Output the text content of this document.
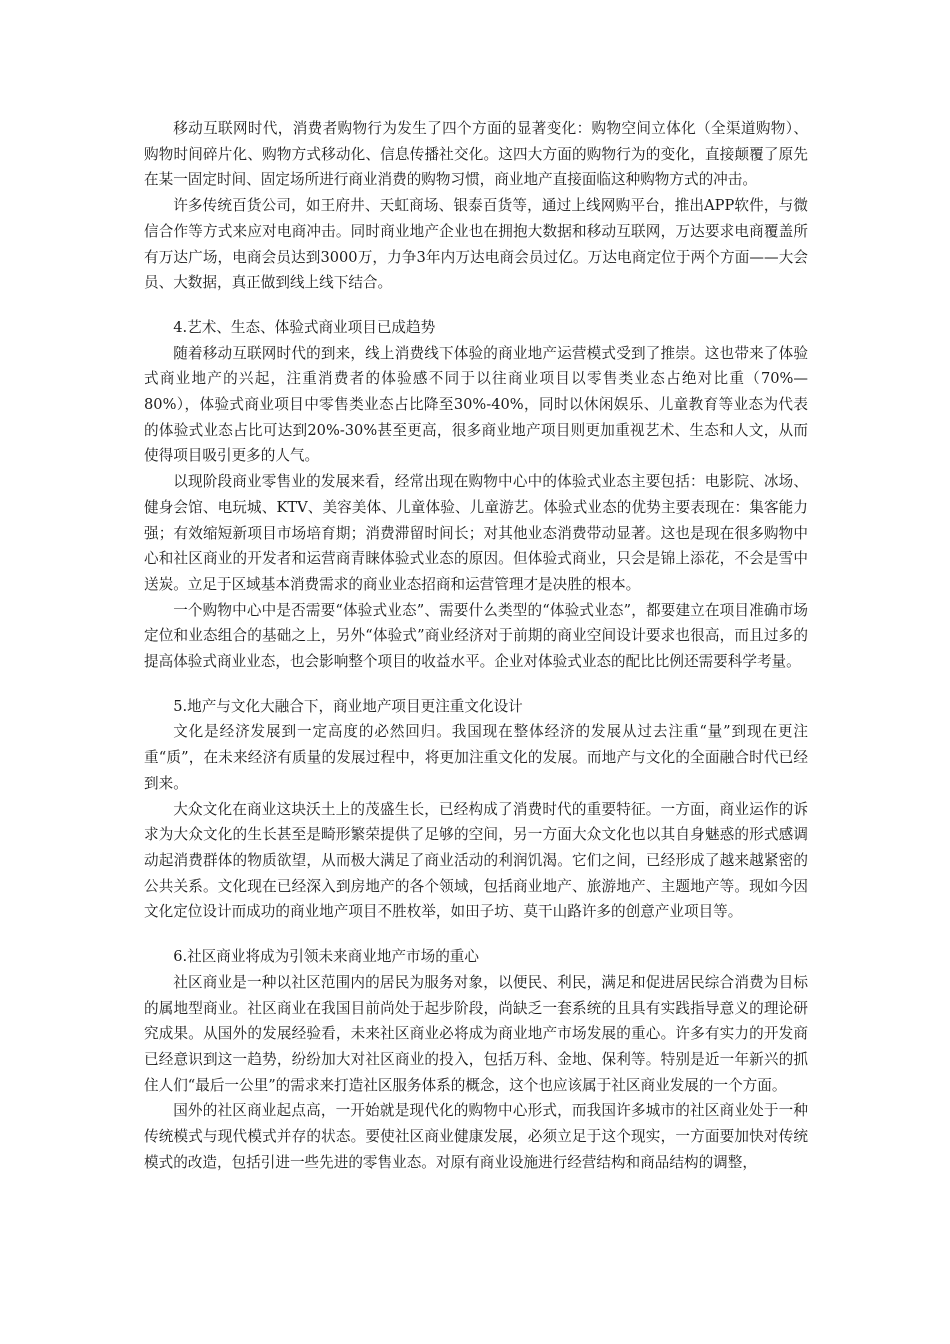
移动互联网时代，消费者购物行为发生了四个方面的显著变化：购物空间立体化（全渠道购物）、购物时间碎片化、购物方式移动化、信息传播社交化。这四大方面的购物行为的变化，直接颠覆了原先在某一固定时间、固定场所进行商业消费的购物习惯，商业地产直接面临这种购物方式的冲击。

许多传统百货公司，如王府井、天虹商场、银泰百货等，通过上线网购平台，推出APP软件，与微信合作等方式来应对电商冲击。同时商业地产企业也在拥抱大数据和移动互联网，万达要求电商覆盖所有万达广场，电商会员达到3000万，力争3年内万达电商会员过亿。万达电商定位于两个方面——大会员、大数据，真正做到线上线下结合。

4.艺术、生态、体验式商业项目已成趋势

随着移动互联网时代的到来，线上消费线下体验的商业地产运营模式受到了推崇。这也带来了体验式商业地产的兴起，注重消费者的体验感不同于以往商业项目以零售类业态占绝对比重（70%—80%），体验式商业项目中零售类业态占比降至30%-40%，同时以休闲娱乐、儿童教育等业态为代表的体验式业态占比可达到20%-30%甚至更高，很多商业地产项目则更加重视艺术、生态和人文，从而使得项目吸引更多的人气。

以现阶段商业零售业的发展来看，经常出现在购物中心中的体验式业态主要包括：电影院、冰场、健身会馆、电玩城、KTV、美容美体、儿童体验、儿童游艺。体验式业态的优势主要表现在：集客能力强；有效缩短新项目市场培育期；消费滞留时间长；对其他业态消费带动显著。这也是现在很多购物中心和社区商业的开发者和运营商青睐体验式业态的原因。但体验式商业，只会是锦上添花，不会是雪中送炭。立足于区域基本消费需求的商业业态招商和运营管理才是决胜的根本。

一个购物中心中是否需要“体验式业态”、需要什么类型的“体验式业态”，都要建立在项目准确市场定位和业态组合的基础之上，另外“体验式”商业经济对于前期的商业空间设计要求也很高，而且过多的提高体验式商业业态，也会影响整个项目的收益水平。企业对体验式业态的配比比例还需要科学考量。

5.地产与文化大融合下，商业地产项目更注重文化设计

文化是经济发展到一定高度的必然回归。我国现在整体经济的发展从过去注重“量”到现在更注重“质”，在未来经济有质量的发展过程中，将更加注重文化的发展。而地产与文化的全面融合时代已经到来。

大众文化在商业这块沃土上的茂盛生长，已经构成了消费时代的重要特征。一方面，商业运作的诉求为大众文化的生长甚至是畸形繁荣提供了足够的空间，另一方面大众文化也以其自身魅惑的形式感调动起消费群体的物质欲望，从而极大满足了商业活动的利润饥渴。它们之间，已经形成了越来越紧密的公共关系。文化现在已经深入到房地产的各个领域，包括商业地产、旅游地产、主题地产等。现如今因文化定位设计而成功的商业地产项目不胜枚举，如田子坊、莫干山路许多的创意产业项目等。

6.社区商业将成为引领未来商业地产市场的重心

社区商业是一种以社区范围内的居民为服务对象，以便民、利民，满足和促进居民综合消费为目标的属地型商业。社区商业在我国目前尚处于起步阶段，尚缺乏一套系统的且具有实践指导意义的理论研究成果。从国外的发展经验看，未来社区商业必将成为商业地产市场发展的重心。许多有实力的开发商已经意识到这一趋势，纷纷加大对社区商业的投入，包括万科、金地、保利等。特别是近一年新兴的抓住人们“最后一公里”的需求来打造社区服务体系的概念，这个也应该属于社区商业发展的一个方面。

国外的社区商业起点高，一开始就是现代化的购物中心形式，而我国许多城市的社区商业处于一种传统模式与现代模式并存的状态。要使社区商业健康发展，必须立足于这个现实，一方面要加快对传统模式的改造，包括引进一些先进的零售业态。对原有商业设施进行经营结构和商品结构的调整，
